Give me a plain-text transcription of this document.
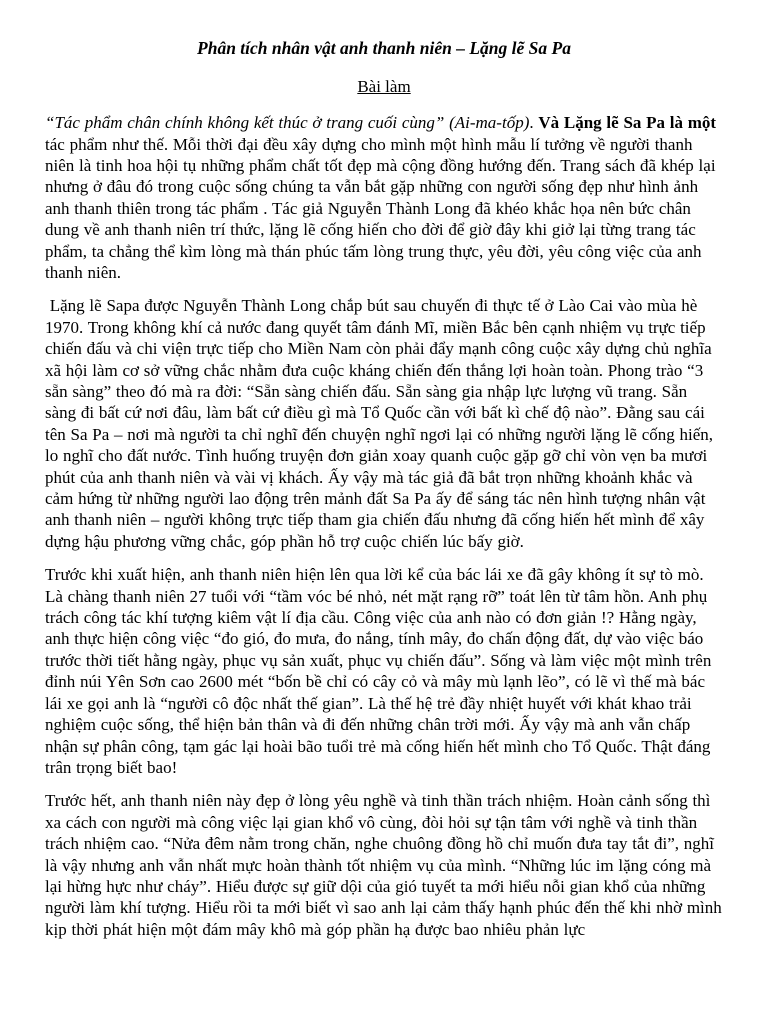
Phân tích nhân vật anh thanh niên – Lặng lẽ Sa Pa
Bài làm

“Tác phẩm chân chính không kết thúc ở trang cuối cùng” (Ai-ma-tốp). Và Lặng lẽ Sa Pa là một tác phẩm như thế. Mỗi thời đại đều xây dựng cho mình một hình mẫu lí tưởng về người thanh niên là tinh hoa hội tụ những phẩm chất tốt đẹp mà cộng đồng hướng đến. Trang sách đã khép lại nhưng ở đâu đó trong cuộc sống chúng ta vẫn bắt gặp những con người sống đẹp như hình ảnh anh thanh thiên trong tác phẩm . Tác giả Nguyễn Thành Long đã khéo khắc họa nên bức chân dung về anh thanh niên trí thức, lặng lẽ cống hiến cho đời để giờ đây khi giở lại từng trang tác phẩm, ta chẳng thể kìm lòng mà thán phúc tấm lòng trung thực, yêu đời, yêu công việc của anh thanh niên.

Lặng lẽ Sapa được Nguyễn Thành Long chắp bút sau chuyến đi thực tế ở Lào Cai vào mùa hè 1970. Trong không khí cả nước đang quyết tâm đánh Mĩ, miền Bắc bên cạnh nhiệm vụ trực tiếp chiến đấu và chi viện trực tiếp cho Miền Nam còn phải đẩy mạnh công cuộc xây dựng chủ nghĩa xã hội làm cơ sở vững chắc nhằm đưa cuộc kháng chiến đến thắng lợi hoàn toàn. Phong trào “3 sẵn sàng” theo đó mà ra đời: “Sẵn sàng chiến đấu. Sẵn sàng gia nhập lực lượng vũ trang. Sẵn sàng đi bất cứ nơi đâu, làm bất cứ điều gì mà Tổ Quốc cần với bất kì chế độ nào”. Đằng sau cái tên Sa Pa – nơi mà người ta chỉ nghĩ đến chuyện nghĩ ngơi lại có những người lặng lẽ cống hiến, lo nghĩ cho đất nước. Tình huống truyện đơn giản xoay quanh cuộc gặp gỡ chỉ vòn vẹn ba mươi phút của anh thanh niên và vài vị khách. Ấy vậy mà tác giả đã bắt trọn những khoảnh khắc và cảm hứng từ những người lao động trên mảnh đất Sa Pa ấy để sáng tác nên hình tượng nhân vật anh thanh niên – người không trực tiếp tham gia chiến đấu nhưng đã cống hiến hết mình để xây dựng hậu phương vững chắc, góp phần hỗ trợ cuộc chiến lúc bấy giờ.

Trước khi xuất hiện, anh thanh niên hiện lên qua lời kể của bác lái xe đã gây không ít sự tò mò. Là chàng thanh niên 27 tuổi với “tầm vóc bé nhỏ, nét mặt rạng rỡ” toát lên từ tâm hồn. Anh phụ trách công tác khí tượng kiêm vật lí địa cầu. Công việc của anh nào có đơn giản !? Hằng ngày, anh thực hiện công việc “đo gió, đo mưa, đo nắng, tính mây, đo chấn động đất, dự vào việc báo trước thời tiết hằng ngày, phục vụ sản xuất, phục vụ chiến đấu”. Sống và làm việc một mình trên đỉnh núi Yên Sơn cao 2600 mét “bốn bề chỉ có cây cỏ và mây mù lạnh lẽo”, có lẽ vì thế mà bác lái xe gọi anh là “người cô độc nhất thế gian”. Là thế hệ trẻ đầy nhiệt huyết với khát khao trải nghiệm cuộc sống, thể hiện bản thân và đi đến những chân trời mới. Ấy vậy mà anh vẫn chấp nhận sự phân công, tạm gác lại hoài bão tuổi trẻ mà cống hiến hết mình cho Tổ Quốc. Thật đáng trân trọng biết bao!

Trước hết, anh thanh niên này đẹp ở lòng yêu nghề và tinh thần trách nhiệm. Hoàn cảnh sống thì xa cách con người mà công việc lại gian khổ vô cùng, đòi hỏi sự tận tâm với nghề và tinh thần trách nhiệm cao. “Nửa đêm nằm trong chăn, nghe chuông đồng hồ chỉ muốn đưa tay tắt đi”, nghĩ là vậy nhưng anh vẫn nhất mực hoàn thành tốt nhiệm vụ của mình. “Những lúc im lặng cóng mà lại hừng hực như cháy”. Hiểu được sự giữ dội của gió tuyết ta mới hiểu nỗi gian khổ của những người làm khí tượng. Hiểu rồi ta mới biết vì sao anh lại cảm thấy hạnh phúc đến thế khi nhờ mình kịp thời phát hiện một đám mây khô mà góp phần hạ được bao nhiêu phản lực
